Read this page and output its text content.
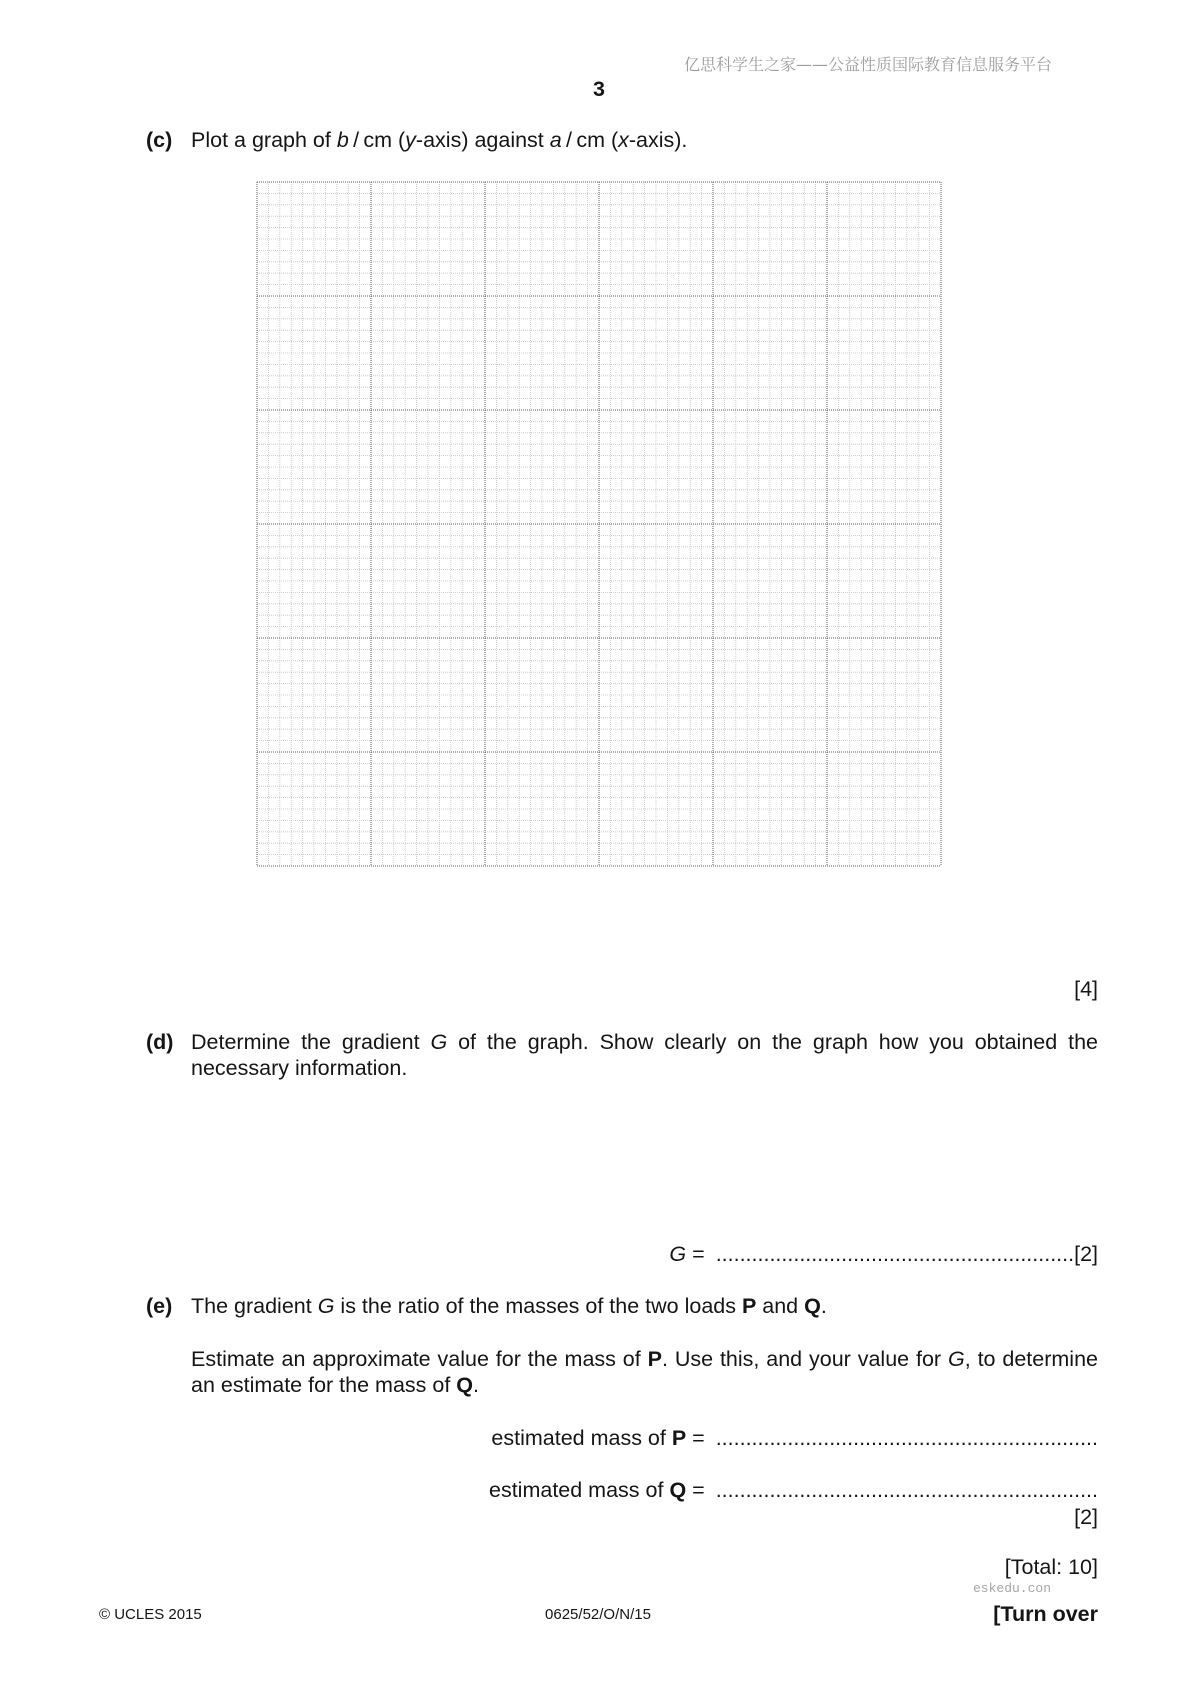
亿思科学生之家——公益性质国际教育信息服务平台
3
(c) Plot a graph of b / cm (y-axis) against a / cm (x-axis).
[4]
(d) Determine the gradient G of the graph. Show clearly on the graph how you obtained the
necessary information.
G = ............................................................[2]
(e) The gradient G is the ratio of the masses of the two loads P and Q.
Estimate an approximate value for the mass of P. Use this, and your value for G, to determine
an estimate for the mass of Q.
estimated mass of P = ................................................................
estimated mass of Q = ................................................................
[2]
[Total: 10]
eskedu.con
© UCLES 2015	0625/52/O/N/15	[Turn over
